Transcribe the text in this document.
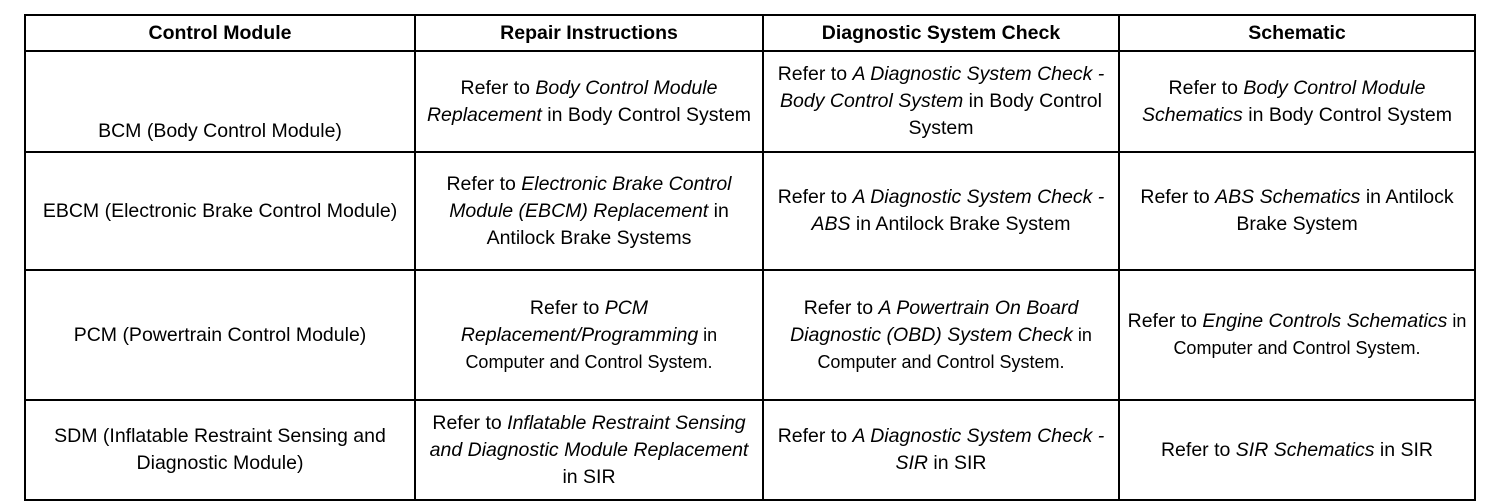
Control Module	Repair Instructions	Diagnostic System Check	Schematic
BCM (Body Control Module)	Refer to Body Control Module Replacement in Body Control System	Refer to A Diagnostic System Check - Body Control System in Body Control System	Refer to Body Control Module Schematics in Body Control System
EBCM (Electronic Brake Control Module)	Refer to Electronic Brake Control Module (EBCM) Replacement in Antilock Brake Systems	Refer to A Diagnostic System Check - ABS in Antilock Brake System	Refer to ABS Schematics in Antilock Brake System
PCM (Powertrain Control Module)	Refer to PCM Replacement/Programming in Computer and Control System.	Refer to A Powertrain On Board Diagnostic (OBD) System Check in Computer and Control System.	Refer to Engine Controls Schematics in Computer and Control System.
SDM (Inflatable Restraint Sensing and Diagnostic Module)	Refer to Inflatable Restraint Sensing and Diagnostic Module Replacement in SIR	Refer to A Diagnostic System Check - SIR in SIR	Refer to SIR Schematics in SIR
